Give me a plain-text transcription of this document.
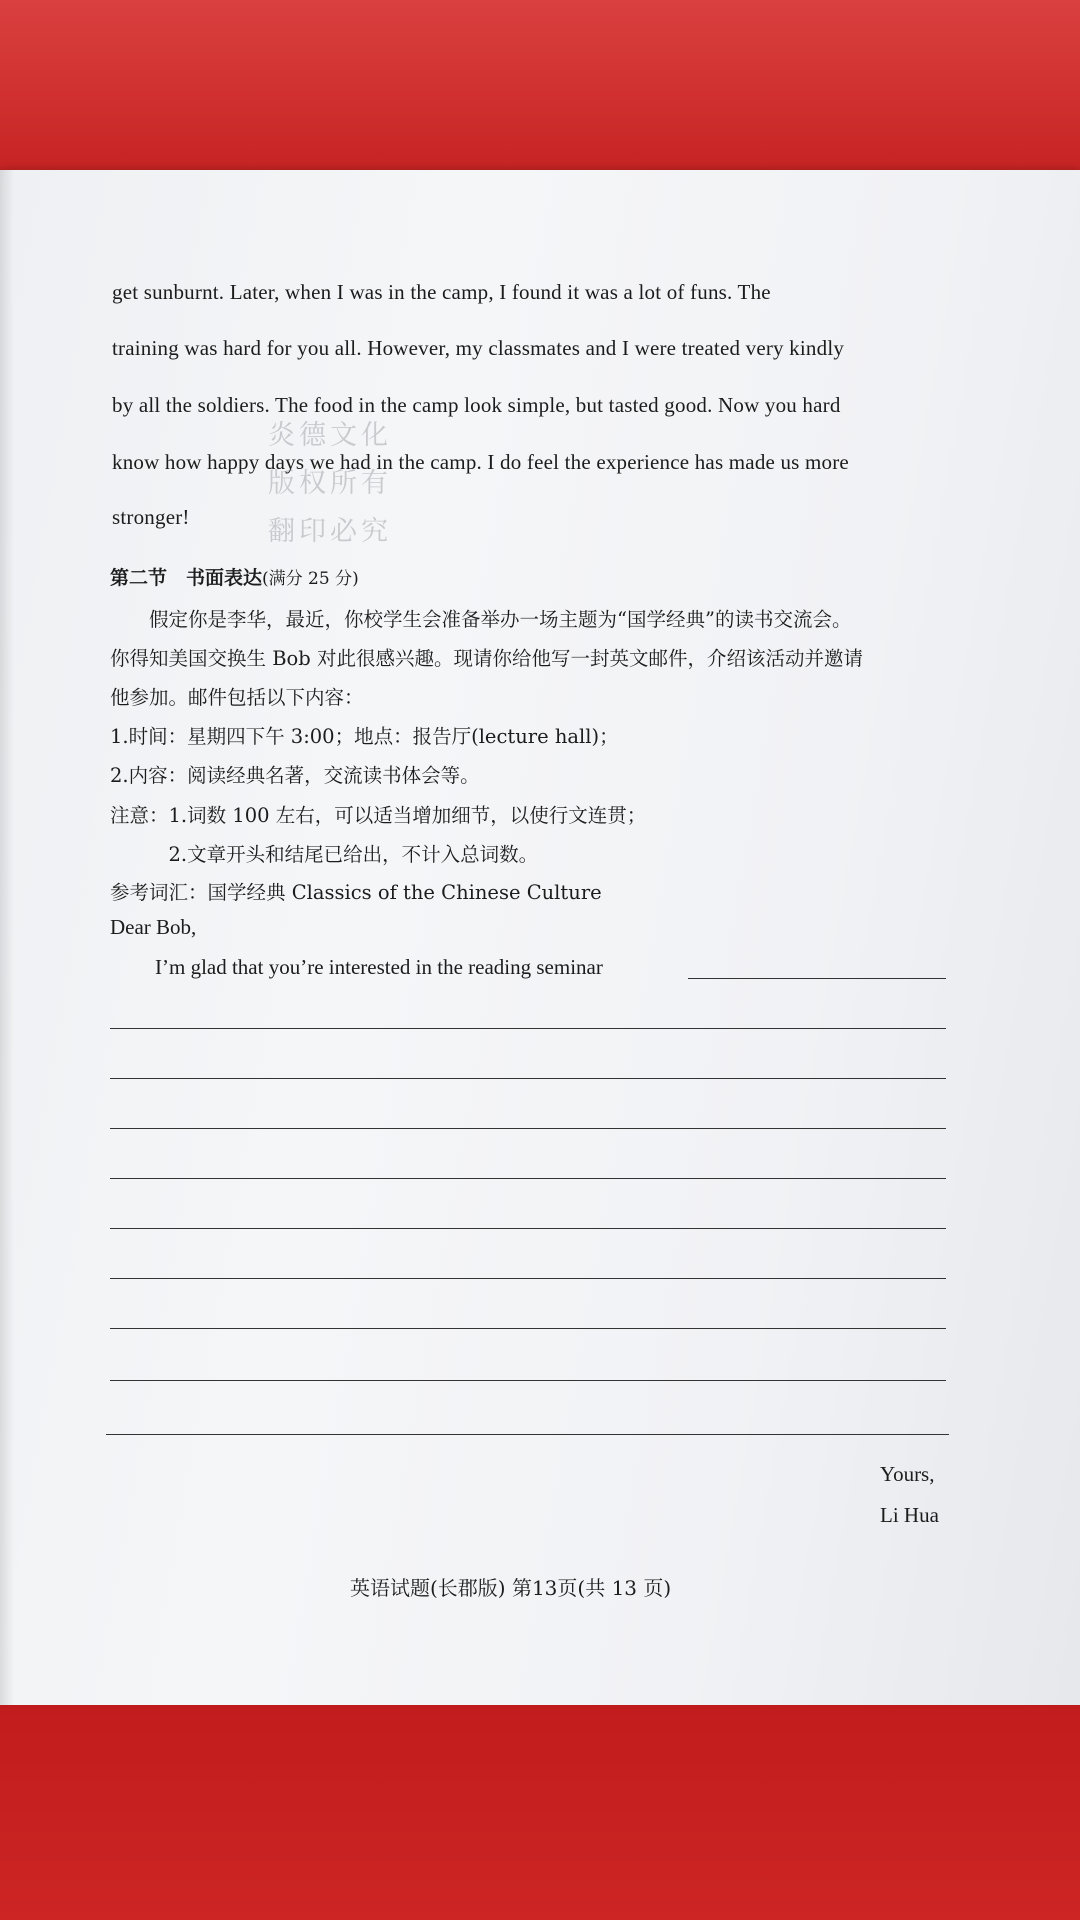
炎德文化
版权所有
翻印必究
get sunburnt. Later, when I was in the camp, I found it was a lot of funs. The
training was hard for you all. However, my classmates and I were treated very kindly
by all the soldiers. The food in the camp look simple, but tasted good. Now you hard
know how happy days we had in the camp. I do feel the experience has made us more
stronger!
第二节　书面表达(满分 25 分)
　　假定你是李华，最近，你校学生会准备举办一场主题为“国学经典”的读书交流会。
你得知美国交换生 Bob 对此很感兴趣。现请你给他写一封英文邮件，介绍该活动并邀请
他参加。邮件包括以下内容：
1.时间：星期四下午 3:00；地点：报告厅(lecture hall)；
2.内容：阅读经典名著，交流读书体会等。
注意：1.词数 100 左右，可以适当增加细节，以使行文连贯；
　　　2.文章开头和结尾已给出，不计入总词数。
参考词汇：国学经典 Classics of the Chinese Culture
Dear Bob,
I’m glad that you’re interested in the reading seminar
Yours,
Li Hua
英语试题(长郡版) 第13页(共 13 页)
